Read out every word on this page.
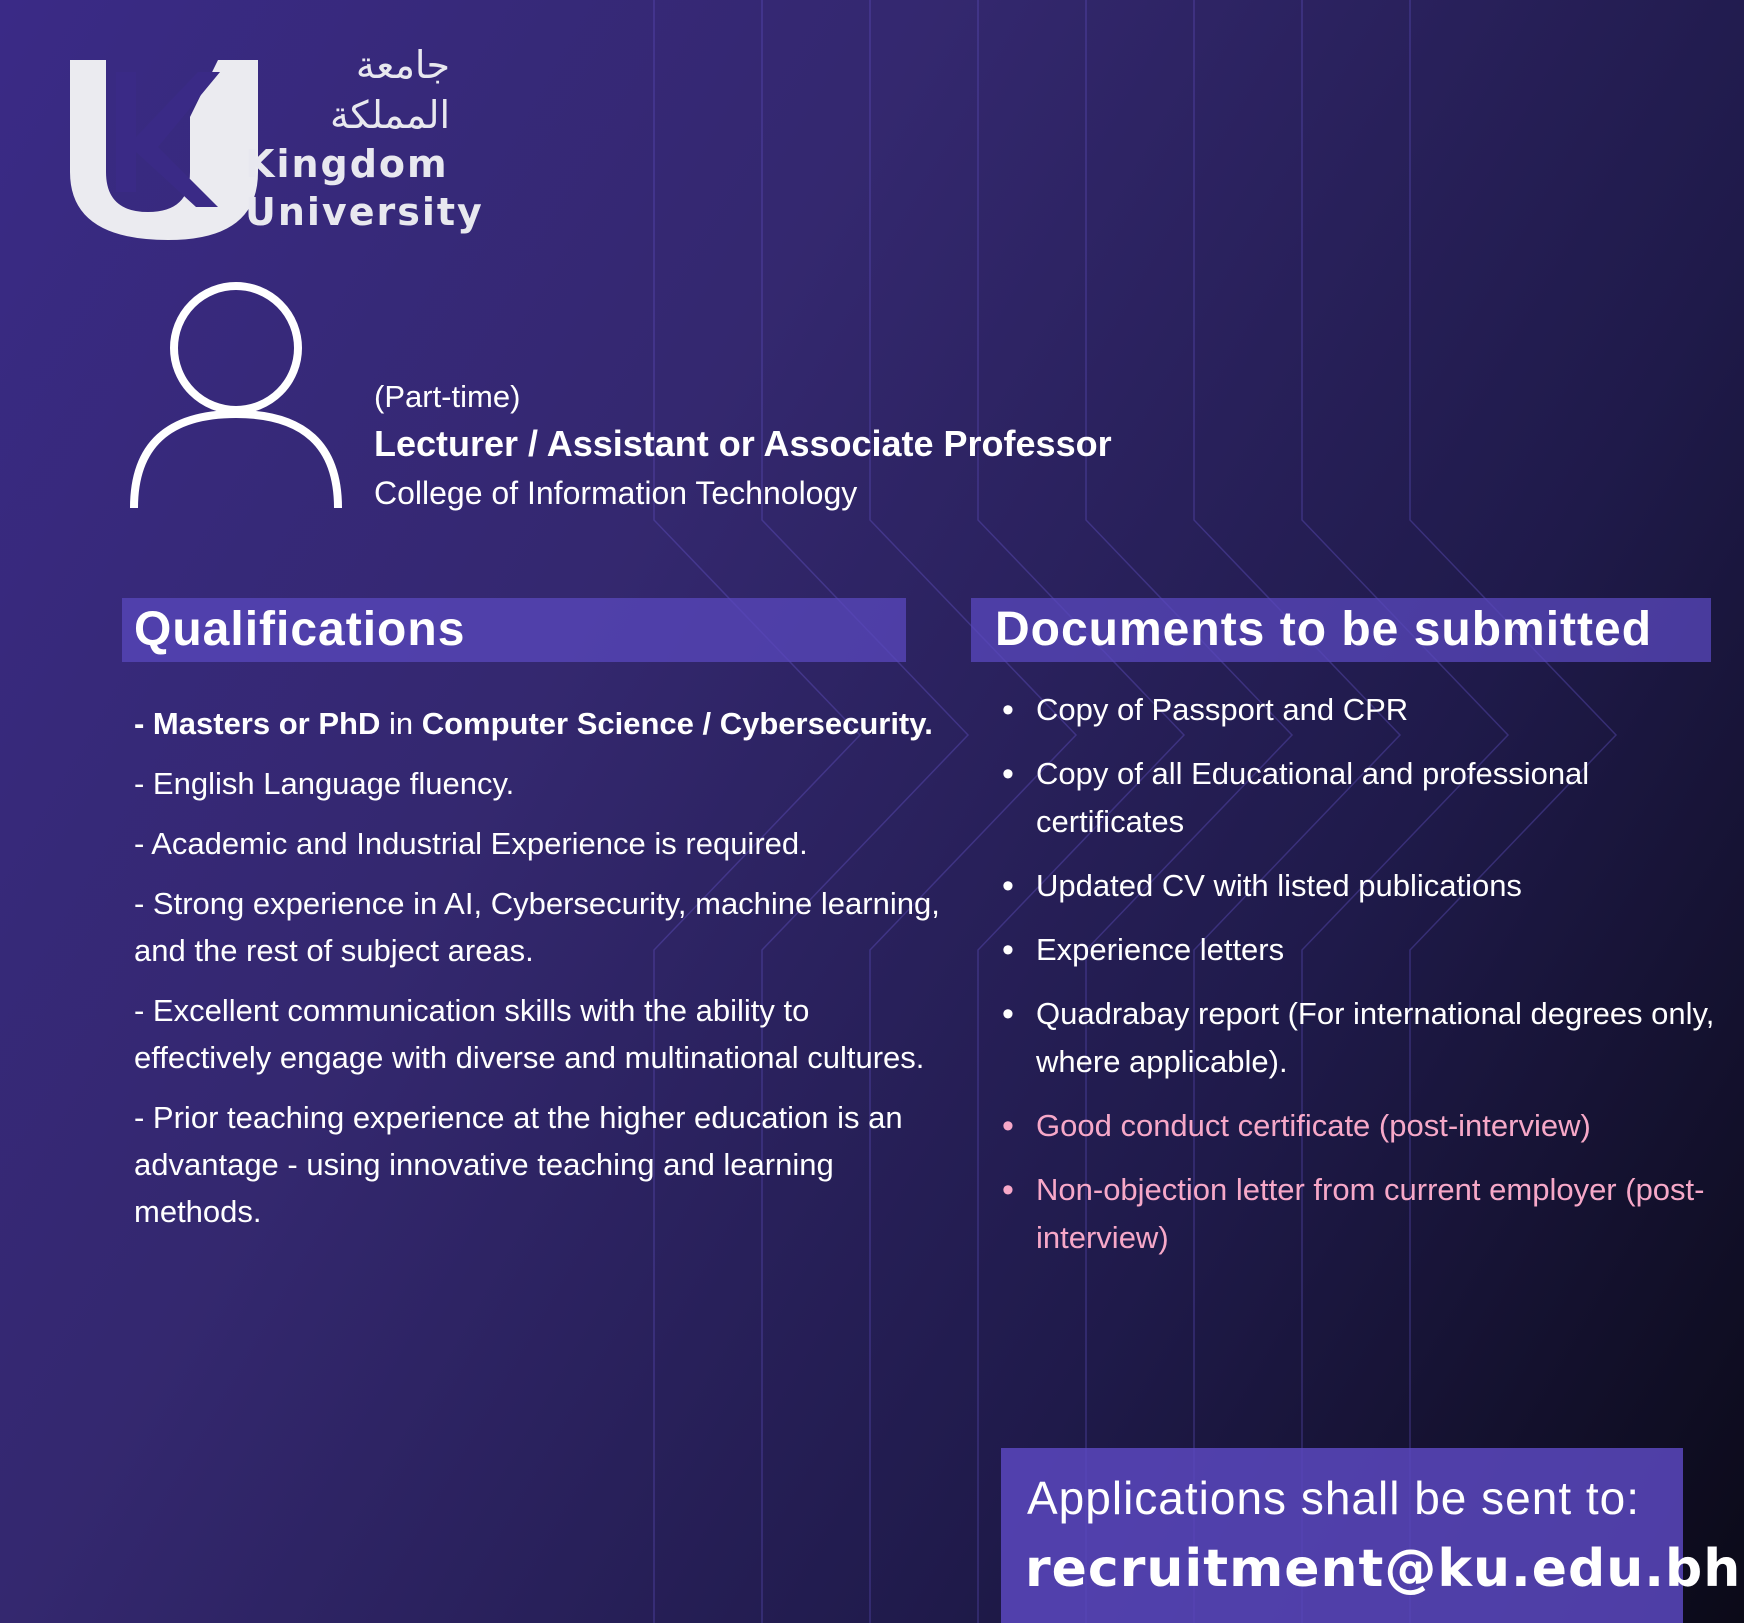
جامعة
المملكة
Kingdom
University
(Part-time)
Lecturer / Assistant or Associate Professor
College of Information Technology
Qualifications	Documents to be submitted

- Masters or PhD in Computer Science / Cybersecurity.

- English Language fluency.

- Academic and Industrial Experience is required.

- Strong experience in AI, Cybersecurity, machine learning, and the rest of subject areas.

- Excellent communication skills with the ability to effectively engage with diverse and multinational cultures.

- Prior teaching experience at the higher education is an advantage - using innovative teaching and learning methods.

• Copy of Passport and CPR
• Copy of all Educational and professional certificates
• Updated CV with listed publications
• Experience letters
• Quadrabay report (For international degrees only, where applicable).
• Good conduct certificate (post-interview)
• Non-objection letter from current employer (post-interview)
Applications shall be sent to:
recruitment@ku.edu.bh
